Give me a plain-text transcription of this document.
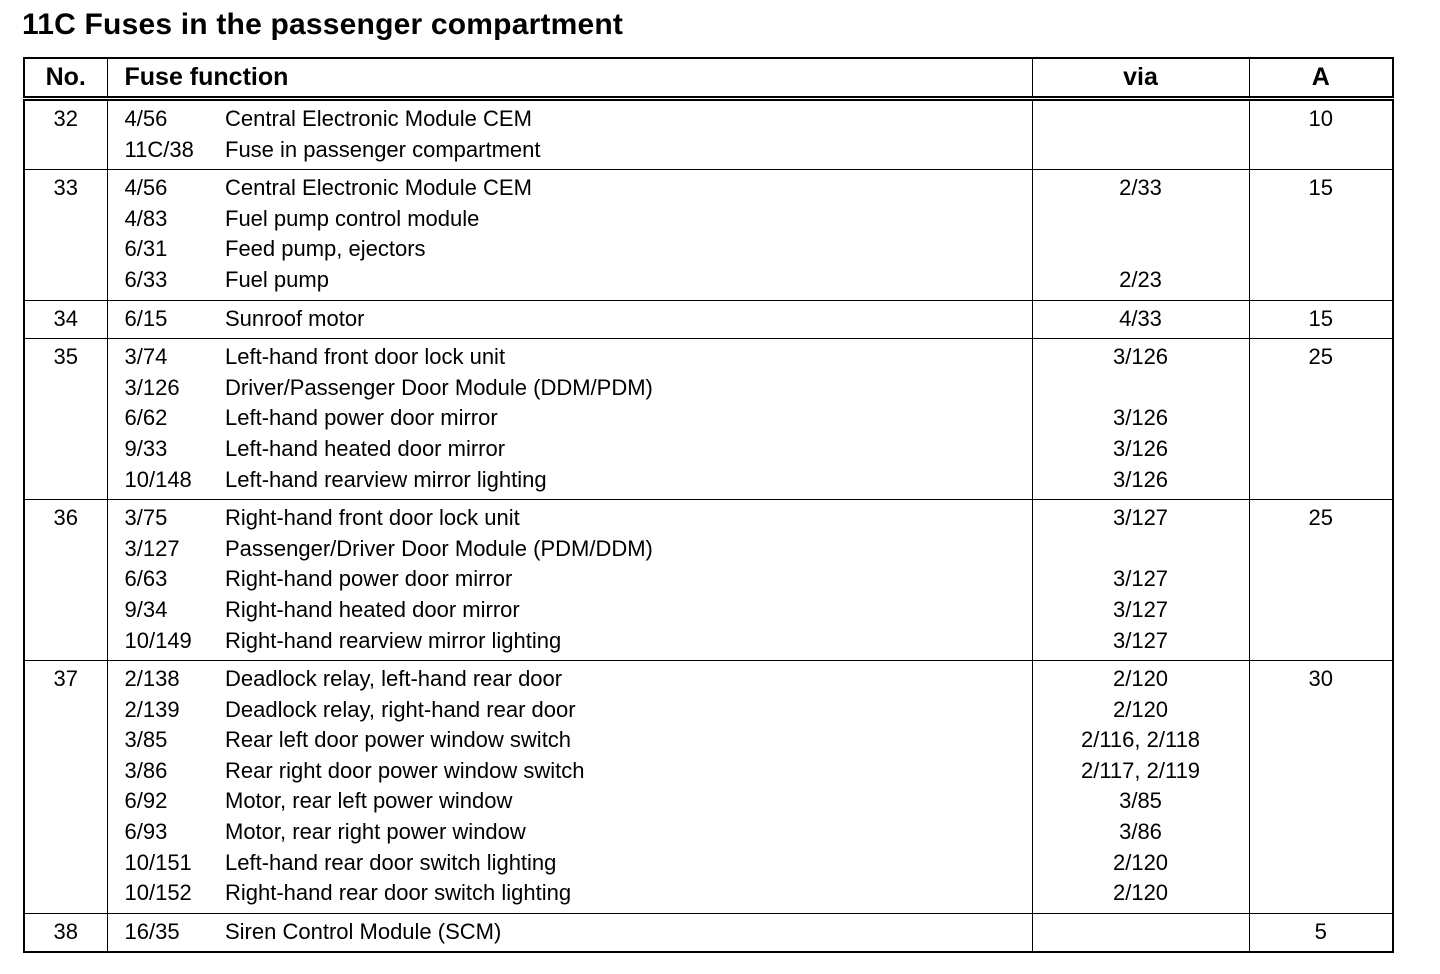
11C Fuses in the passenger compartment
No.	Fuse function		via	A
32	4/56	Central Electronic Module CEM		10
	11C/38	Fuse in passenger compartment		

33	4/56	Central Electronic Module CEM	2/33	15
	4/83	Fuel pump control module		
	6/31	Feed pump, ejectors		
	6/33	Fuel pump	2/23	

34	6/15	Sunroof motor	4/33	15

35	3/74	Left-hand front door lock unit	3/126	25
	3/126	Driver/Passenger Door Module (DDM/PDM)		
	6/62	Left-hand power door mirror	3/126	
	9/33	Left-hand heated door mirror	3/126	
	10/148	Left-hand rearview mirror lighting	3/126	

36	3/75	Right-hand front door lock unit	3/127	25
	3/127	Passenger/Driver Door Module (PDM/DDM)		
	6/63	Right-hand power door mirror	3/127	
	9/34	Right-hand heated door mirror	3/127	
	10/149	Right-hand rearview mirror lighting	3/127	

37	2/138	Deadlock relay, left-hand rear door	2/120	30
	2/139	Deadlock relay, right-hand rear door	2/120	
	3/85	Rear left door power window switch	2/116, 2/118	
	3/86	Rear right door power window switch	2/117, 2/119	
	6/92	Motor, rear left power window	3/85	
	6/93	Motor, rear right power window	3/86	
	10/151	Left-hand rear door switch lighting	2/120	
	10/152	Right-hand rear door switch lighting	2/120	

38	16/35	Siren Control Module (SCM)		5
